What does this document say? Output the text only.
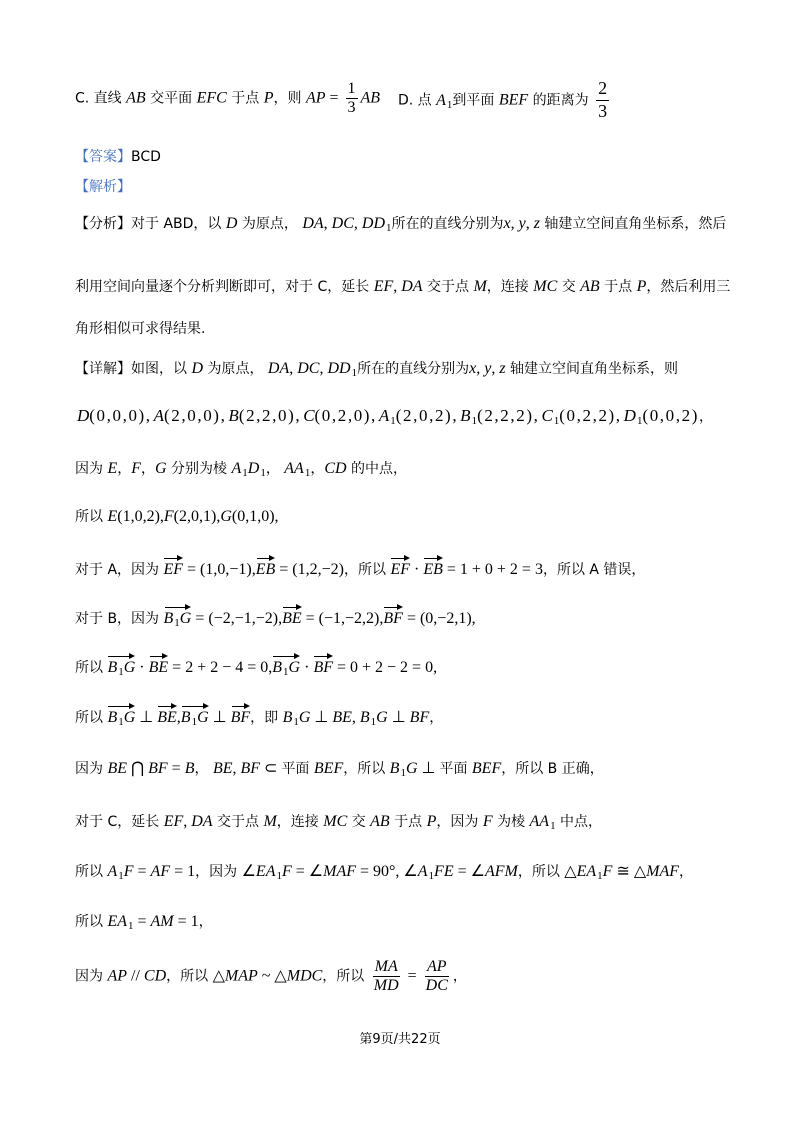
C. 直线 AB 交平面 EFC 于点 P，则 AP = $\frac{1}{3}$ AB D. 点 $A_1$到平面 BEF 的距离为 $\frac{2}{3}$
【答案】BCD
【解析】
【分析】对于 ABD，以 D 为原点， DA, DC, $DD_1$所在的直线分别为x, y, z 轴建立空间直角坐标系，然后
利用空间向量逐个分析判断即可，对于 C，延长 EF, DA 交于点 M，连接 MC 交 AB 于点 P，然后利用三
角形相似可求得结果.
【详解】如图，以 D 为原点， DA, DC, $DD_1$所在的直线分别为x, y, z 轴建立空间直角坐标系，则
D(0,0,0), A(2,0,0), B(2,2,0), C(0,2,0), $A_1(2,0,2)$, $B_1(2,2,2)$, $C_1(0,2,2)$, $D_1(0,0,2)$，
因为 E，F，G 分别为棱 $A_1D_1$， $AA_1$，CD 的中点，
所以 E(1,0,2),F(2,0,1),G(0,1,0),
对于 A，因为 EF = (1,0,−1),EB = (1,2,−2)，所以 EF · EB = 1 + 0 + 2 = 3，所以 A 错误，
对于 B，因为 $B_1G = (-2,-1,-2),BE = (-1,-2,2),BF = (0,-2,1)$,
所以 $B_1G$ · BE = $2 + 2 - 4 = 0,B_1G$ · BF = 0 + 2 − 2 = 0,
所以 $B_1G$ ⊥ $BE,B_1G$ ⊥ BF，即 $B_1G$ ⊥ BE, $B_1G$ ⊥ BF，
因为 BE ⋂ BF = B， BE, BF ⊂ 平面 BEF，所以 $B_1G$ ⊥ 平面 BEF，所以 B 正确，
对于 C，延长 EF, DA 交于点 M，连接 MC 交 AB 于点 P，因为 F 为棱 $AA_1$ 中点，
所以 $A_1F$ = AF = 1，因为 $\angle EA_1F$ = ∠MAF = 90°, $\angle A_1FE$ = ∠AFM，所以 $\triangle EA_1F$ ≅ △MAF，
所以 $EA_1$ = AM = 1，
因为 AP // CD，所以 △MAP ~ △MDC，所以 $\frac{MA}{MD} = \frac{AP}{DC}$ ，
第9页/共22页
